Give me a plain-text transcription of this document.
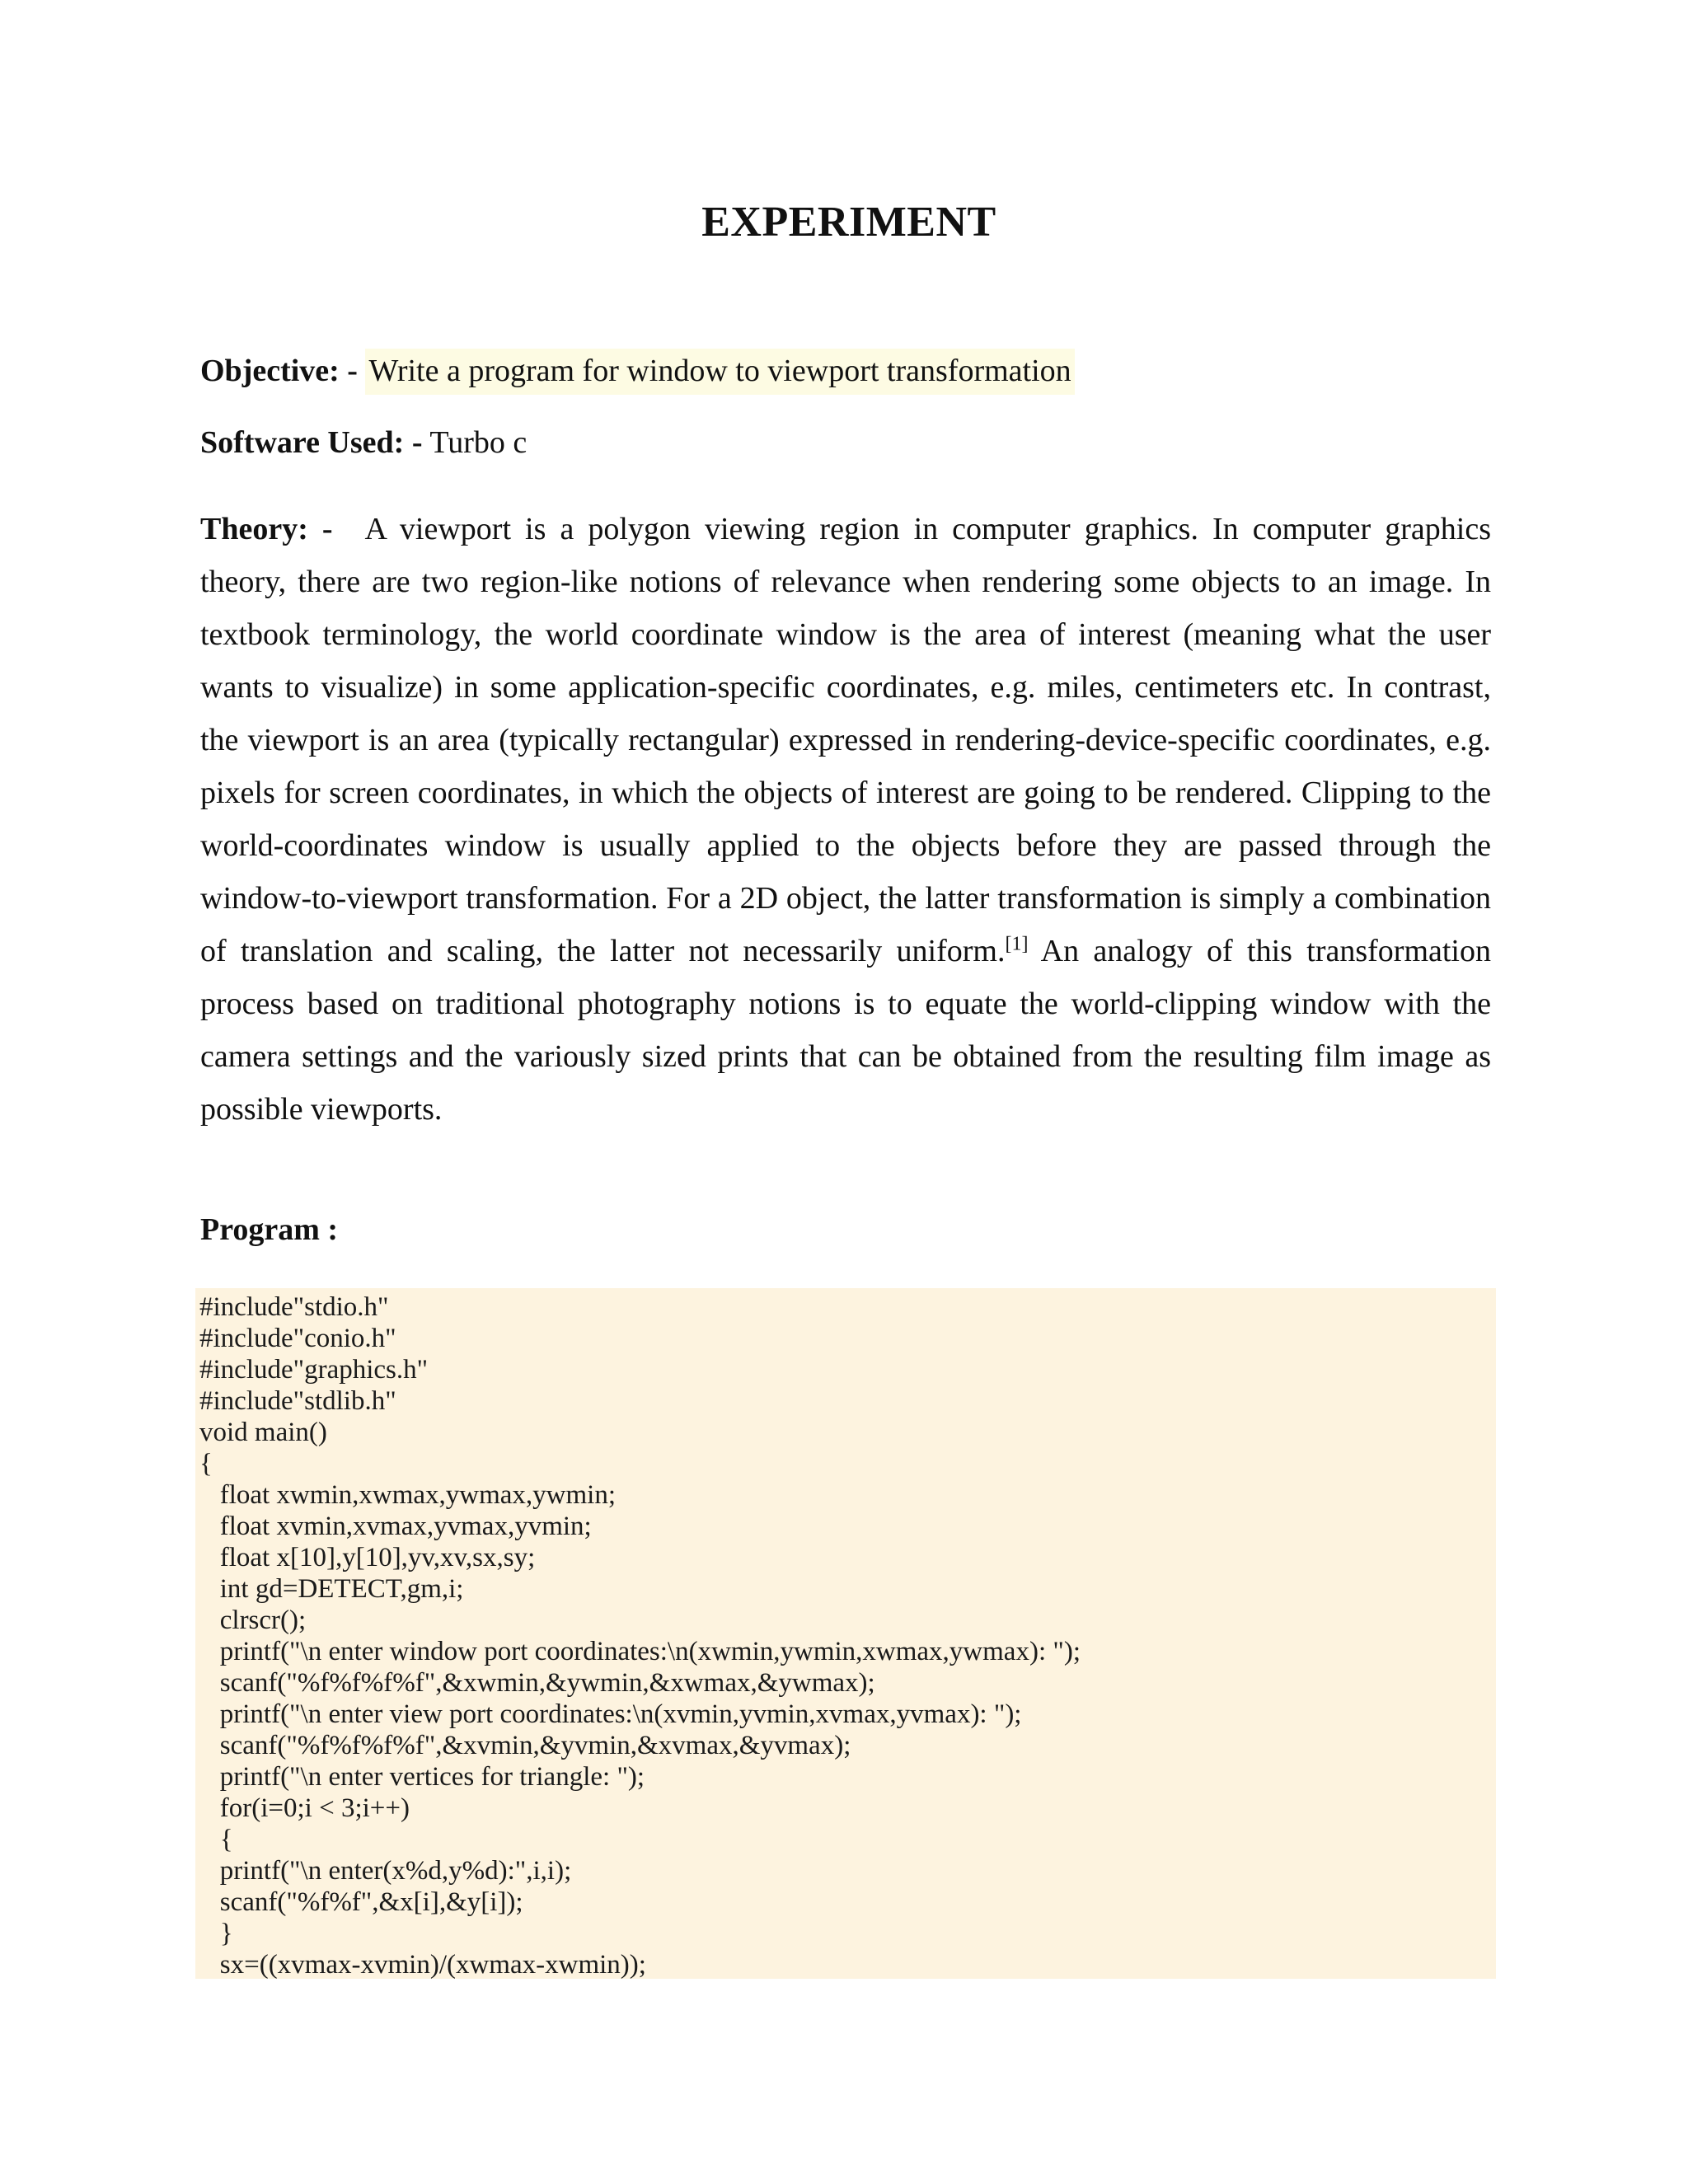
EXPERIMENT
Objective: - Write a program for window to viewport transformation
Software Used: - Turbo c
Theory: - A viewport is a polygon viewing region in computer graphics. In computer graphics theory, there are two region-like notions of relevance when rendering some objects to an image. In textbook terminology, the world coordinate window is the area of interest (meaning what the user wants to visualize) in some application-specific coordinates, e.g. miles, centimeters etc. In contrast, the viewport is an area (typically rectangular) expressed in rendering-device-specific coordinates, e.g. pixels for screen coordinates, in which the objects of interest are going to be rendered. Clipping to the world-coordinates window is usually applied to the objects before they are passed through the window-to-viewport transformation. For a 2D object, the latter transformation is simply a combination of translation and scaling, the latter not necessarily uniform.[1] An analogy of this transformation process based on traditional photography notions is to equate the world-clipping window with the camera settings and the variously sized prints that can be obtained from the resulting film image as possible viewports.
Program :
#include"stdio.h"
#include"conio.h"
#include"graphics.h"
#include"stdlib.h"
void main()
{
float xwmin,xwmax,ywmax,ywmin;
float xvmin,xvmax,yvmax,yvmin;
float x[10],y[10],yv,xv,sx,sy;
int gd=DETECT,gm,i;
clrscr();
printf("\n enter window port coordinates:\n(xwmin,ywmin,xwmax,ywmax): ");
scanf("%f%f%f%f",&xwmin,&ywmin,&xwmax,&ywmax);
printf("\n enter view port coordinates:\n(xvmin,yvmin,xvmax,yvmax): ");
scanf("%f%f%f%f",&xvmin,&yvmin,&xvmax,&yvmax);
printf("\n enter vertices for triangle: ");
for(i=0;i < 3;i++)
{
printf("\n enter(x%d,y%d):",i,i);
scanf("%f%f",&x[i],&y[i]);
}
sx=((xvmax-xvmin)/(xwmax-xwmin));
